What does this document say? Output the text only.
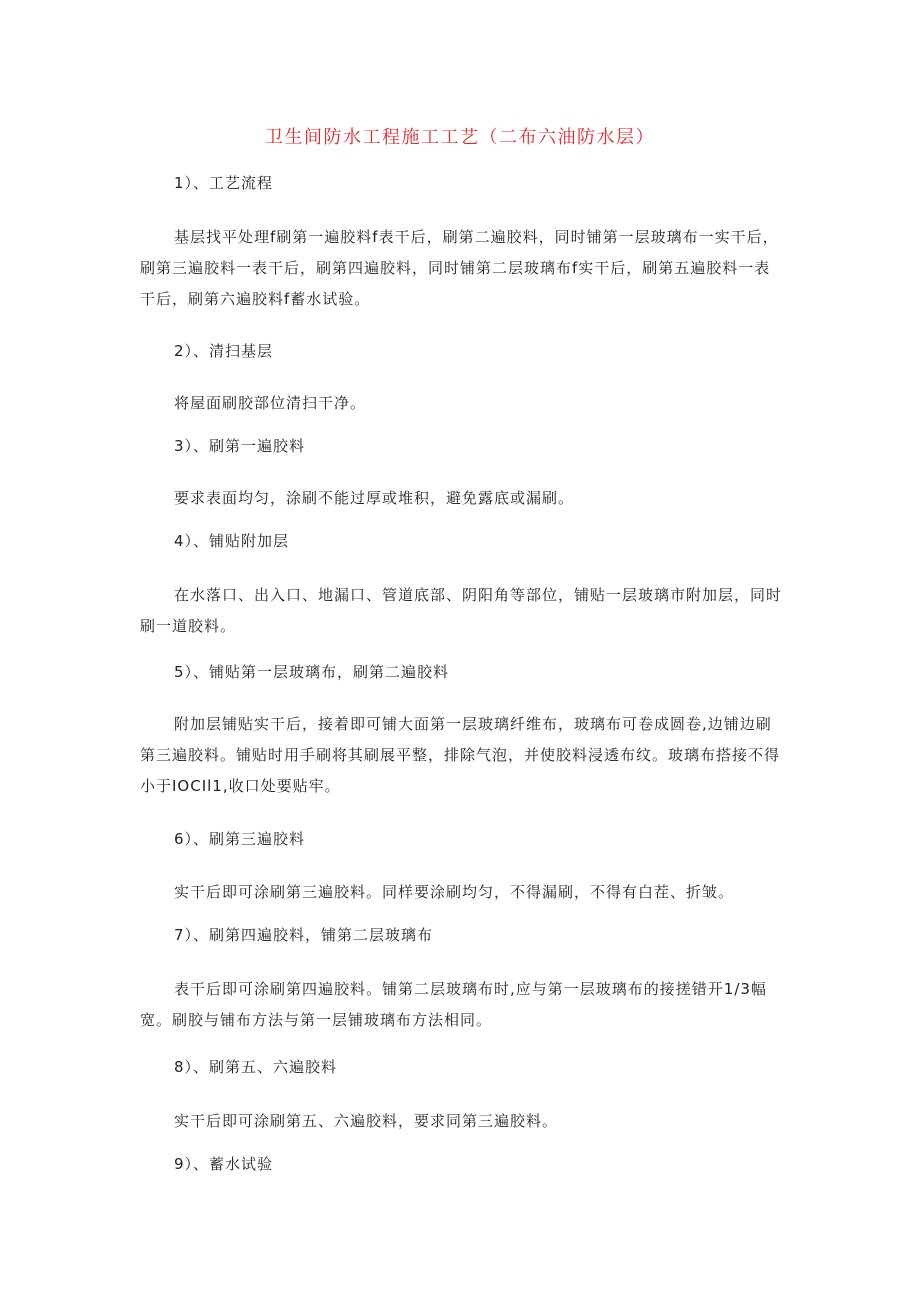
卫生间防水工程施工工艺（二布六油防水层）
1）、工艺流程

基层找平处理f刷第一遍胶料f表干后，刷第二遍胶料，同时铺第一层玻璃布一实干后，刷第三遍胶料一表干后，刷第四遍胶料，同时铺第二层玻璃布f实干后，刷第五遍胶料一表干后，刷第六遍胶料f蓄水试验。

2）、清扫基层

将屋面刷胶部位清扫干净。

3）、刷第一遍胶料

要求表面均匀，涂刷不能过厚或堆积，避免露底或漏刷。

4）、铺贴附加层

在水落口、出入口、地漏口、管道底部、阴阳角等部位，铺贴一层玻璃市附加层，同时刷一道胶料。

5）、铺贴第一层玻璃布，刷第二遍胶料

附加层铺贴实干后，接着即可铺大面第一层玻璃纤维布，玻璃布可卷成圆卷,边铺边刷第三遍胶料。铺贴时用手刷将其刷展平整，排除气泡，并使胶料浸透布纹。玻璃布搭接不得小于IOCIl1,收口处要贴牢。

6）、刷第三遍胶料

实干后即可涂刷第三遍胶料。同样要涂刷均匀，不得漏刷，不得有白茬、折皱。

7）、刷第四遍胶料，铺第二层玻璃布

表干后即可涂刷第四遍胶料。铺第二层玻璃布时,应与第一层玻璃布的接搓错开1/3幅宽。刷胶与铺布方法与第一层铺玻璃布方法相同。

8）、刷第五、六遍胶料

实干后即可涂刷第五、六遍胶料，要求同第三遍胶料。

9）、蓄水试验
